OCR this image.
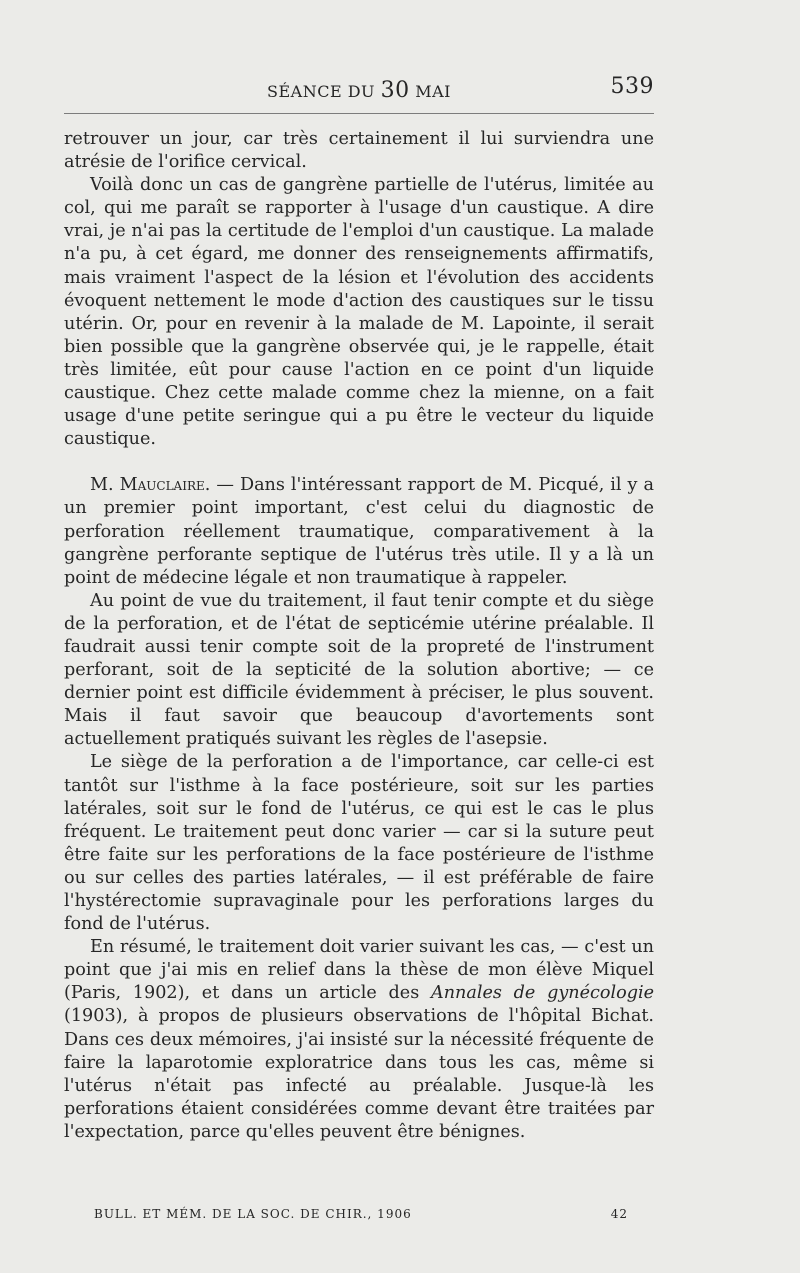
SÉANCE DU 30 MAI	539

retrouver un jour, car très certainement il lui surviendra une atrésie de l'orifice cervical.

Voilà donc un cas de gangrène partielle de l'utérus, limitée au col, qui me paraît se rapporter à l'usage d'un caustique. A dire vrai, je n'ai pas la certitude de l'emploi d'un caustique. La malade n'a pu, à cet égard, me donner des renseignements affirmatifs, mais vraiment l'aspect de la lésion et l'évolution des accidents évoquent nettement le mode d'action des caustiques sur le tissu utérin. Or, pour en revenir à la malade de M. Lapointe, il serait bien possible que la gangrène observée qui, je le rappelle, était très limitée, eût pour cause l'action en ce point d'un liquide caustique. Chez cette malade comme chez la mienne, on a fait usage d'une petite seringue qui a pu être le vecteur du liquide caustique.

M. Mauclaire. — Dans l'intéressant rapport de M. Picqué, il y a un premier point important, c'est celui du diagnostic de perforation réellement traumatique, comparativement à la gangrène perforante septique de l'utérus très utile. Il y a là un point de médecine légale et non traumatique à rappeler.

Au point de vue du traitement, il faut tenir compte et du siège de la perforation, et de l'état de septicémie utérine préalable. Il faudrait aussi tenir compte soit de la propreté de l'instrument perforant, soit de la septicité de la solution abortive; — ce dernier point est difficile évidemment à préciser, le plus souvent. Mais il faut savoir que beaucoup d'avortements sont actuellement pratiqués suivant les règles de l'asepsie.

Le siège de la perforation a de l'importance, car celle-ci est tantôt sur l'isthme à la face postérieure, soit sur les parties latérales, soit sur le fond de l'utérus, ce qui est le cas le plus fréquent. Le traitement peut donc varier — car si la suture peut être faite sur les perforations de la face postérieure de l'isthme ou sur celles des parties latérales, — il est préférable de faire l'hystérectomie supravaginale pour les perforations larges du fond de l'utérus.

En résumé, le traitement doit varier suivant les cas, — c'est un point que j'ai mis en relief dans la thèse de mon élève Miquel (Paris, 1902), et dans un article des Annales de gynécologie (1903), à propos de plusieurs observations de l'hôpital Bichat. Dans ces deux mémoires, j'ai insisté sur la nécessité fréquente de faire la laparotomie exploratrice dans tous les cas, même si l'utérus n'était pas infecté au préalable. Jusque-là les perforations étaient considérées comme devant être traitées par l'expectation, parce qu'elles peuvent être bénignes.

BULL. ET MÉM. DE LA SOC. DE CHIR., 1906	42
